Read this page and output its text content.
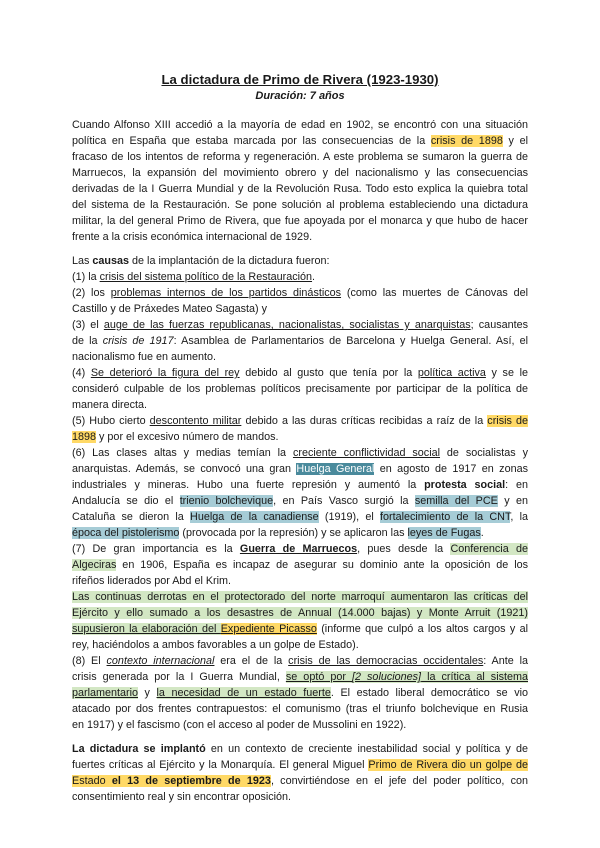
La dictadura de Primo de Rivera (1923-1930)
Duración: 7 años

Cuando Alfonso XIII accedió a la mayoría de edad en 1902, se encontró con una situación

política en España que estaba marcada por las consecuencias de la crisis de 1898 y el

fracaso de los intentos de reforma y regeneración. A este problema se sumaron la guerra de

Marruecos, la expansión del movimiento obrero y del nacionalismo y las consecuencias

derivadas de la I Guerra Mundial y de la Revolución Rusa. Todo esto explica la quiebra total

del sistema de la Restauración. Se pone solución al problema estableciendo una dictadura

militar, la del general Primo de Rivera, que fue apoyada por el monarca y que hubo de hacer

frente a la crisis económica internacional de 1929.

Las causas de la implantación de la dictadura fueron:

(1) la crisis del sistema político de la Restauración.

(2) los problemas internos de los partidos dinásticos (como las muertes de Cánovas del

Castillo y de Práxedes Mateo Sagasta) y

(3) el auge de las fuerzas republicanas, nacionalistas, socialistas y anarquistas; causantes

de la crisis de 1917: Asamblea de Parlamentarios de Barcelona y Huelga General. Así, el

nacionalismo fue en aumento.

(4) Se deterioró la figura del rey debido al gusto que tenía por la política activa y se le

consideró culpable de los problemas políticos precisamente por participar de la política de

manera directa.

(5) Hubo cierto descontento militar debido a las duras críticas recibidas a raíz de la crisis de

1898 y por el excesivo número de mandos.

(6) Las clases altas y medias temían la creciente conflictividad social de socialistas y

anarquistas. Además, se convocó una gran Huelga General en agosto de 1917 en zonas

industriales y mineras. Hubo una fuerte represión y aumentó la protesta social: en

Andalucía se dio el trienio bolchevique, en País Vasco surgió la semilla del PCE y en

Cataluña se dieron la Huelga de la canadiense (1919), el fortalecimiento de la CNT, la

época del pistolerismo (provocada por la represión) y se aplicaron las leyes de Fugas.

(7) De gran importancia es la Guerra de Marruecos, pues desde la Conferencia de

Algeciras en 1906, España es incapaz de asegurar su dominio ante la oposición de los

rifeños liderados por Abd el Krim.

Las continuas derrotas en el protectorado del norte marroquí aumentaron las críticas del

Ejército y ello sumado a los desastres de Annual (14.000 bajas) y Monte Arruit (1921)

supusieron la elaboración del Expediente Picasso (informe que culpó a los altos cargos y al

rey, haciéndolos a ambos favorables a un golpe de Estado).

(8) El contexto internacional era el de la crisis de las democracias occidentales: Ante la

crisis generada por la I Guerra Mundial, se optó por [2 soluciones] la crítica al sistema

parlamentario y la necesidad de un estado fuerte. El estado liberal democrático se vio

atacado por dos frentes contrapuestos: el comunismo (tras el triunfo bolchevique en Rusia

en 1917) y el fascismo (con el acceso al poder de Mussolini en 1922).

La dictadura se implantó en un contexto de creciente inestabilidad social y política y de

fuertes críticas al Ejército y la Monarquía. El general Miguel Primo de Rivera dio un golpe de

Estado el 13 de septiembre de 1923, convirtiéndose en el jefe del poder político, con

consentimiento real y sin encontrar oposición.
